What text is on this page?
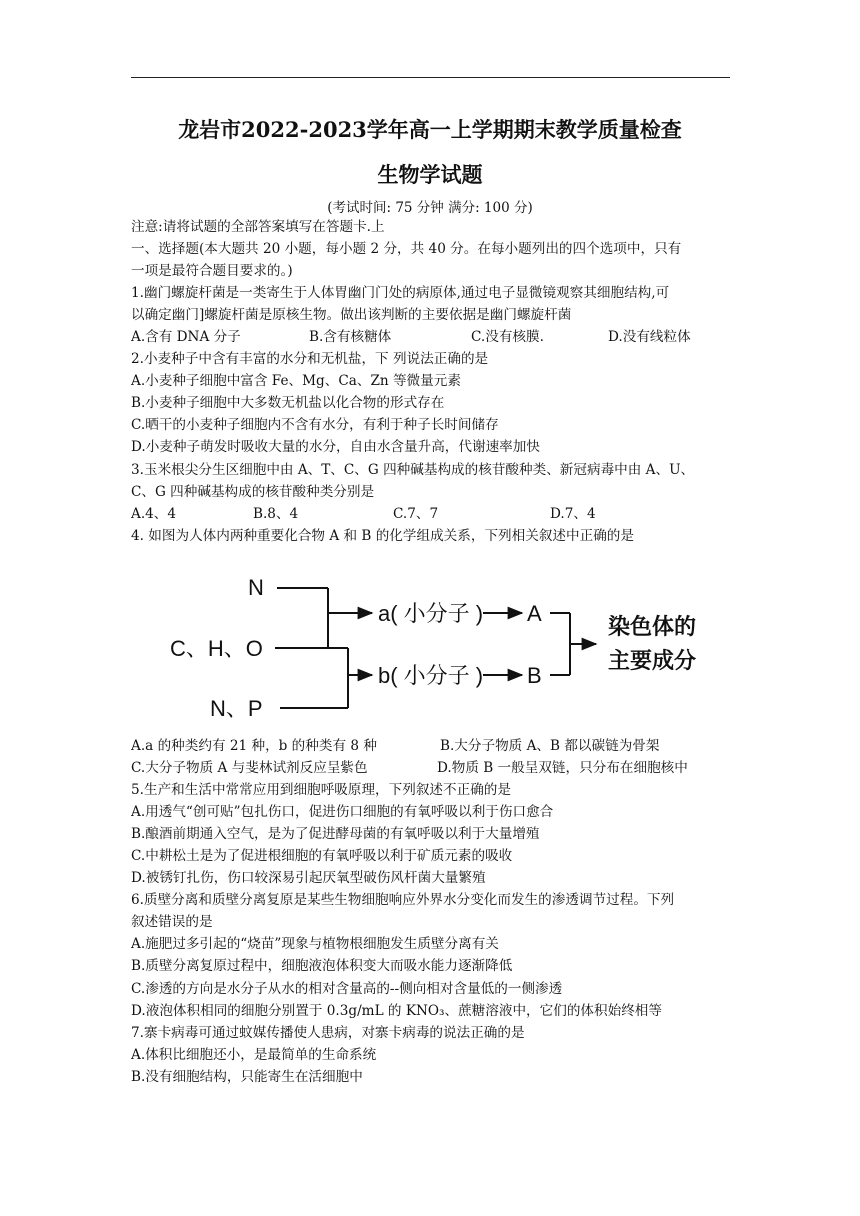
龙岩市2022-2023学年高一上学期期末教学质量检查
生物学试题
(考试时间: 75 分钟 满分: 100 分)
注意:请将试题的全部答案填写在答题卡.上
一、选择题(本大题共 20 小题，每小题 2 分，共 40 分。在每小题列出的四个选项中，只有
一项是最符合题目要求的。)
1.幽门螺旋杆菌是一类寄生于人体胃幽门门处的病原体,通过电子显微镜观察其细胞结构,可
以确定幽门]螺旋杆菌是原核生物。做出该判断的主要依据是幽门螺旋杆菌
A.含有 DNA 分子	B.含有核糖体	C.没有核膜.	D.没有线粒体
2.小麦种子中含有丰富的水分和无机盐，下 列说法正确的是
A.小麦种子细胞中富含 Fe、Mg、Ca、Zn 等微量元素
B.小麦种子细胞中大多数无机盐以化合物的形式存在
C.晒干的小麦种子细胞内不含有水分，有利于种子长时间储存
D.小麦种子萌发时吸收大量的水分，自由水含量升高，代谢速率加快
3.玉米根尖分生区细胞中由 A、T、C、G 四种碱基构成的核苷酸种类、新冠病毒中由 A、U、
C、G 四种碱基构成的核苷酸种类分别是
A.4、4	B.8、4	C.7、7	D.7、4
4. 如图为人体内两种重要化合物 A 和 B 的化学组成关系，下列相关叙述中正确的是
N
C、H、O
N、P
a( 小分子 )
b( 小分子 )
A
B
染色体的
主要成分
A.a 的种类约有 21 种，b 的种类有 8 种	B.大分子物质 A、B 都以碳链为骨架
C.大分子物质 A 与斐林试剂反应呈紫色	D.物质 B 一般呈双链，只分布在细胞核中
5.生产和生活中常常应用到细胞呼吸原理，下列叙述不正确的是
A.用透气“创可贴”包扎伤口，促进伤口细胞的有氧呼吸以利于伤口愈合
B.酿酒前期通入空气，是为了促进酵母菌的有氧呼吸以利于大量增殖
C.中耕松土是为了促进根细胞的有氧呼吸以利于矿质元素的吸收
D.被锈钉扎伤，伤口较深易引起厌氧型破伤风杆菌大量繁殖
6.质壁分离和质壁分离复原是某些生物细胞响应外界水分变化而发生的渗透调节过程。下列
叙述错误的是
A.施肥过多引起的“烧苗”现象与植物根细胞发生质壁分离有关
B.质壁分离复原过程中，细胞液泡体积变大而吸水能力逐渐降低
C.渗透的方向是水分子从水的相对含量高的--侧向相对含量低的一侧渗透
D.液泡体积相同的细胞分别置于 0.3g/mL 的 KNO₃、蔗糖溶液中，它们的体积始终相等
7.寨卡病毒可通过蚊媒传播使人患病，对寨卡病毒的说法正确的是
A.体积比细胞还小，是最简单的生命系统
B.没有细胞结构，只能寄生在活细胞中
